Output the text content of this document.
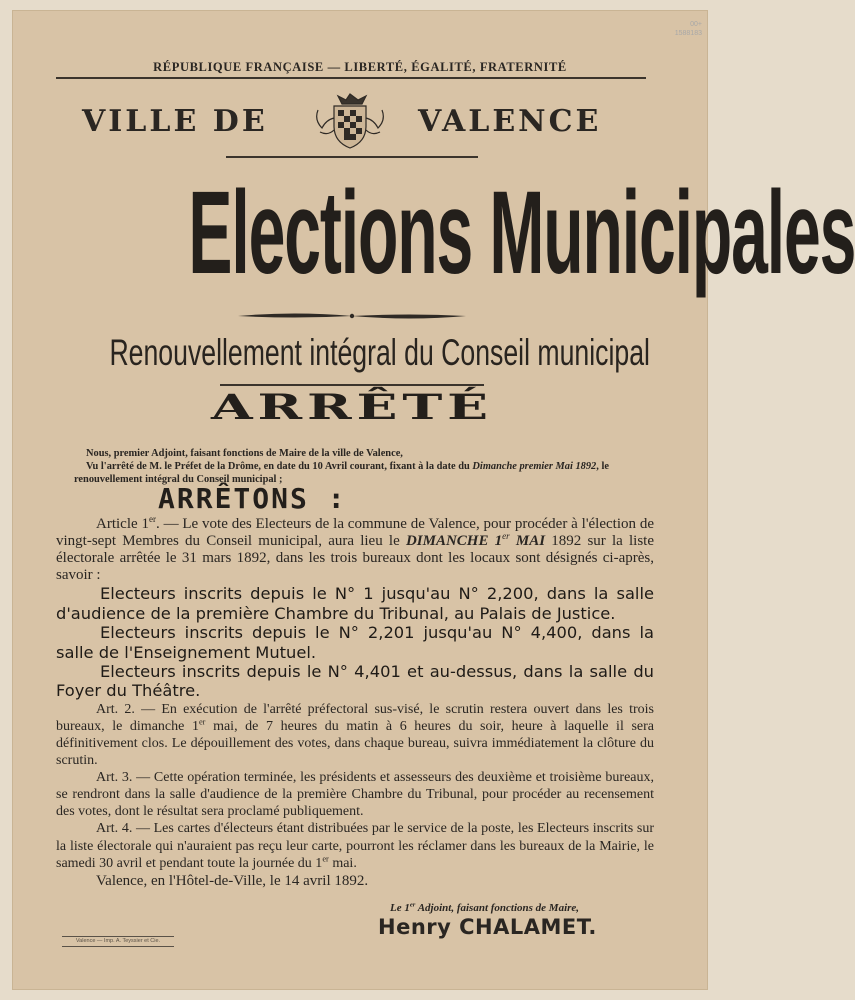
00+ 1588183
RÉPUBLIQUE FRANÇAISE — LIBERTÉ, ÉGALITÉ, FRATERNITÉ
VILLE DE	VALENCE
Elections Municipales
Renouvellement intégral du Conseil municipal
ARRÊTÉ

Nous, premier Adjoint, faisant fonctions de Maire de la ville de Valence,

Vu l'arrêté de M. le Préfet de la Drôme, en date du 10 Avril courant, fixant à la date du Dimanche premier Mai 1892, le renouvellement intégral du Conseil municipal ;

ARRÊTONS :

Article 1er. — Le vote des Electeurs de la commune de Valence, pour procéder à l'élection de vingt-sept Membres du Conseil municipal, aura lieu le DIMANCHE 1er MAI 1892 sur la liste électorale arrêtée le 31 mars 1892, dans les trois bureaux dont les locaux sont désignés ci-après, savoir :

Electeurs inscrits depuis le N° 1 jusqu'au N° 2,200, dans la salle d'audience de la première Chambre du Tribunal, au Palais de Justice.

Electeurs inscrits depuis le N° 2,201 jusqu'au N° 4,400, dans la salle de l'Enseignement Mutuel.

Electeurs inscrits depuis le N° 4,401 et au-dessus, dans la salle du Foyer du Théâtre.

Art. 2. — En exécution de l'arrêté préfectoral sus-visé, le scrutin restera ouvert dans les trois bureaux, le dimanche 1er mai, de 7 heures du matin à 6 heures du soir, heure à laquelle il sera définitivement clos. Le dépouillement des votes, dans chaque bureau, suivra immédiatement la clôture du scrutin.

Art. 3. — Cette opération terminée, les présidents et assesseurs des deuxième et troisième bureaux, se rendront dans la salle d'audience de la première Chambre du Tribunal, pour procéder au recensement des votes, dont le résultat sera proclamé publiquement.

Art. 4. — Les cartes d'électeurs étant distribuées par le service de la poste, les Electeurs inscrits sur la liste électorale qui n'auraient pas reçu leur carte, pourront les réclamer dans les bureaux de la Mairie, le samedi 30 avril et pendant toute la journée du 1er mai.

Valence, en l'Hôtel-de-Ville, le 14 avril 1892.

Le 1er Adjoint, faisant fonctions de Maire,
Henry CHALAMET.
Valence — Imp. A. Teyssier et Cie.
